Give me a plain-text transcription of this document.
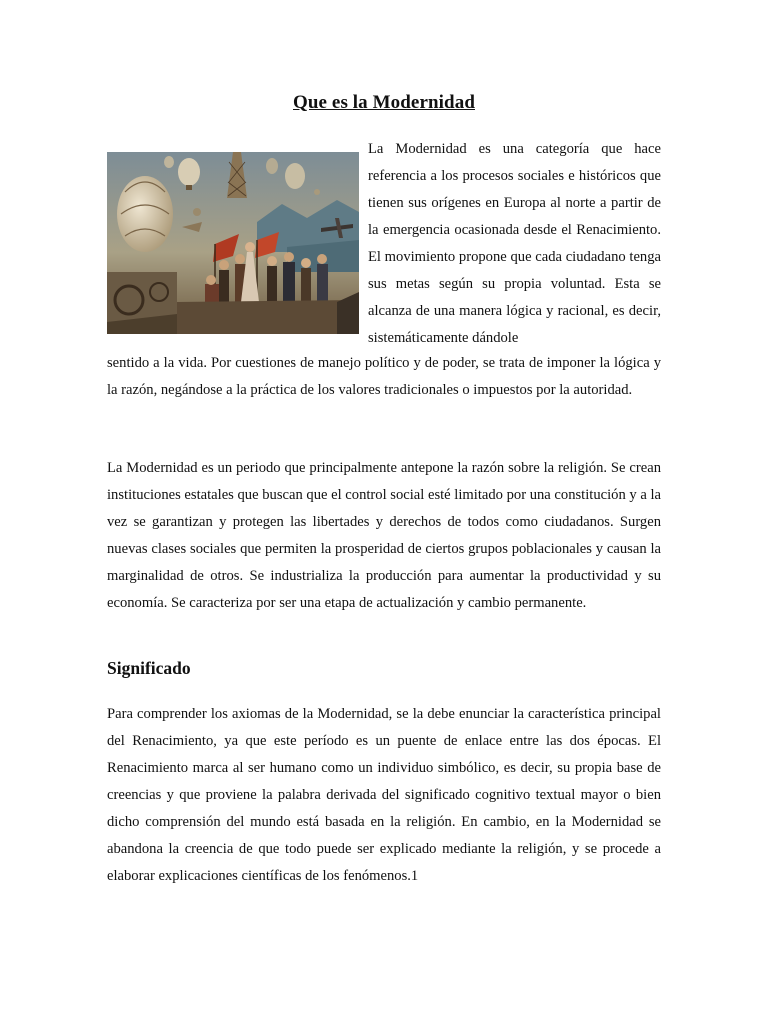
Que es la Modernidad
La Modernidad es una categoría que hace referencia a los procesos sociales e históricos que tienen sus orígenes en Europa al norte a partir de la emergencia ocasionada desde el Renacimiento. El movimiento propone que cada ciudadano tenga sus metas según su propia voluntad. Esta se alcanza de una manera lógica y racional, es decir, sistemáticamente dándole

sentido a la vida. Por cuestiones de manejo político y de poder, se trata de imponer la lógica y la razón, negándose a la práctica de los valores tradicionales o impuestos por la autoridad.

La Modernidad es un periodo que principalmente antepone la razón sobre la religión. Se crean instituciones estatales que buscan que el control social esté limitado por una constitución y a la vez se garantizan y protegen las libertades y derechos de todos como ciudadanos. Surgen nuevas clases sociales que permiten la prosperidad de ciertos grupos poblacionales y causan la marginalidad de otros. Se industrializa la producción para aumentar la productividad y su economía. Se caracteriza por ser una etapa de actualización y cambio permanente.

Significado

Para comprender los axiomas de la Modernidad, se la debe enunciar la característica principal del Renacimiento, ya que este período es un puente de enlace entre las dos épocas. El Renacimiento marca al ser humano como un individuo simbólico, es decir, su propia base de creencias y que proviene la palabra derivada del significado cognitivo textual mayor o bien dicho comprensión del mundo está basada en la religión. En cambio, en la Modernidad se abandona la creencia de que todo puede ser explicado mediante la religión, y se procede a elaborar explicaciones científicas de los fenómenos.1
